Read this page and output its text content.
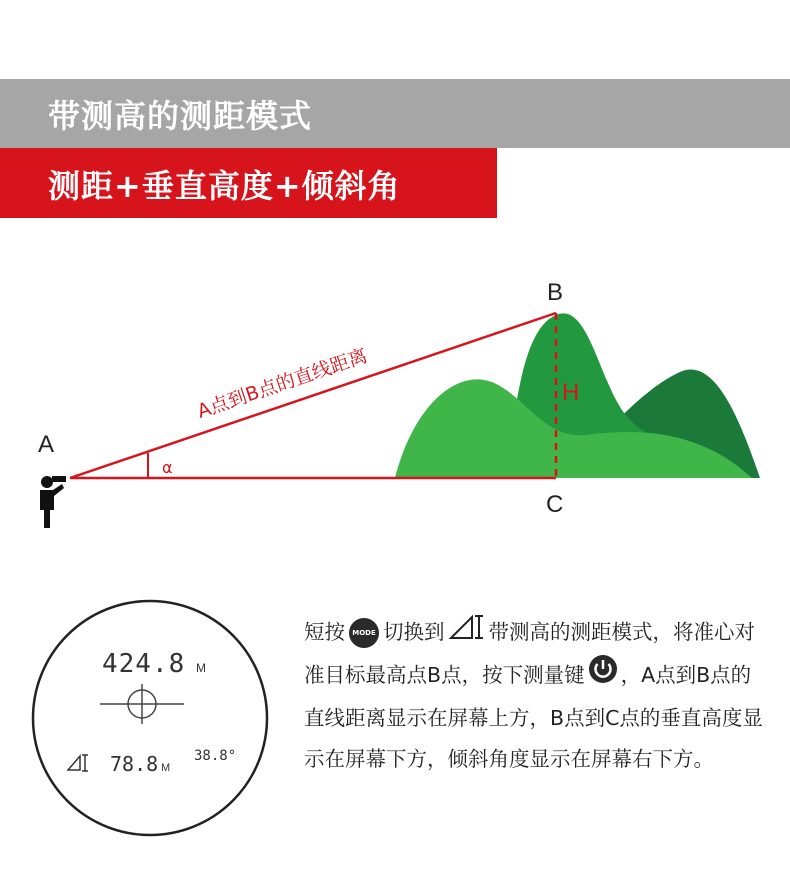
带测高的测距模式
测距+垂直高度+倾斜角
A
B
C
H
α
A点到B点的直线距离
424.8 M
78.8 M
38.8°
短按 MODE 切换到 带测高的测距模式，将准心对准目标最高点B点，按下测量键 ，A点到B点的直线距离显示在屏幕上方，B点到C点的垂直高度显示在屏幕下方，倾斜角度显示在屏幕右下方。
